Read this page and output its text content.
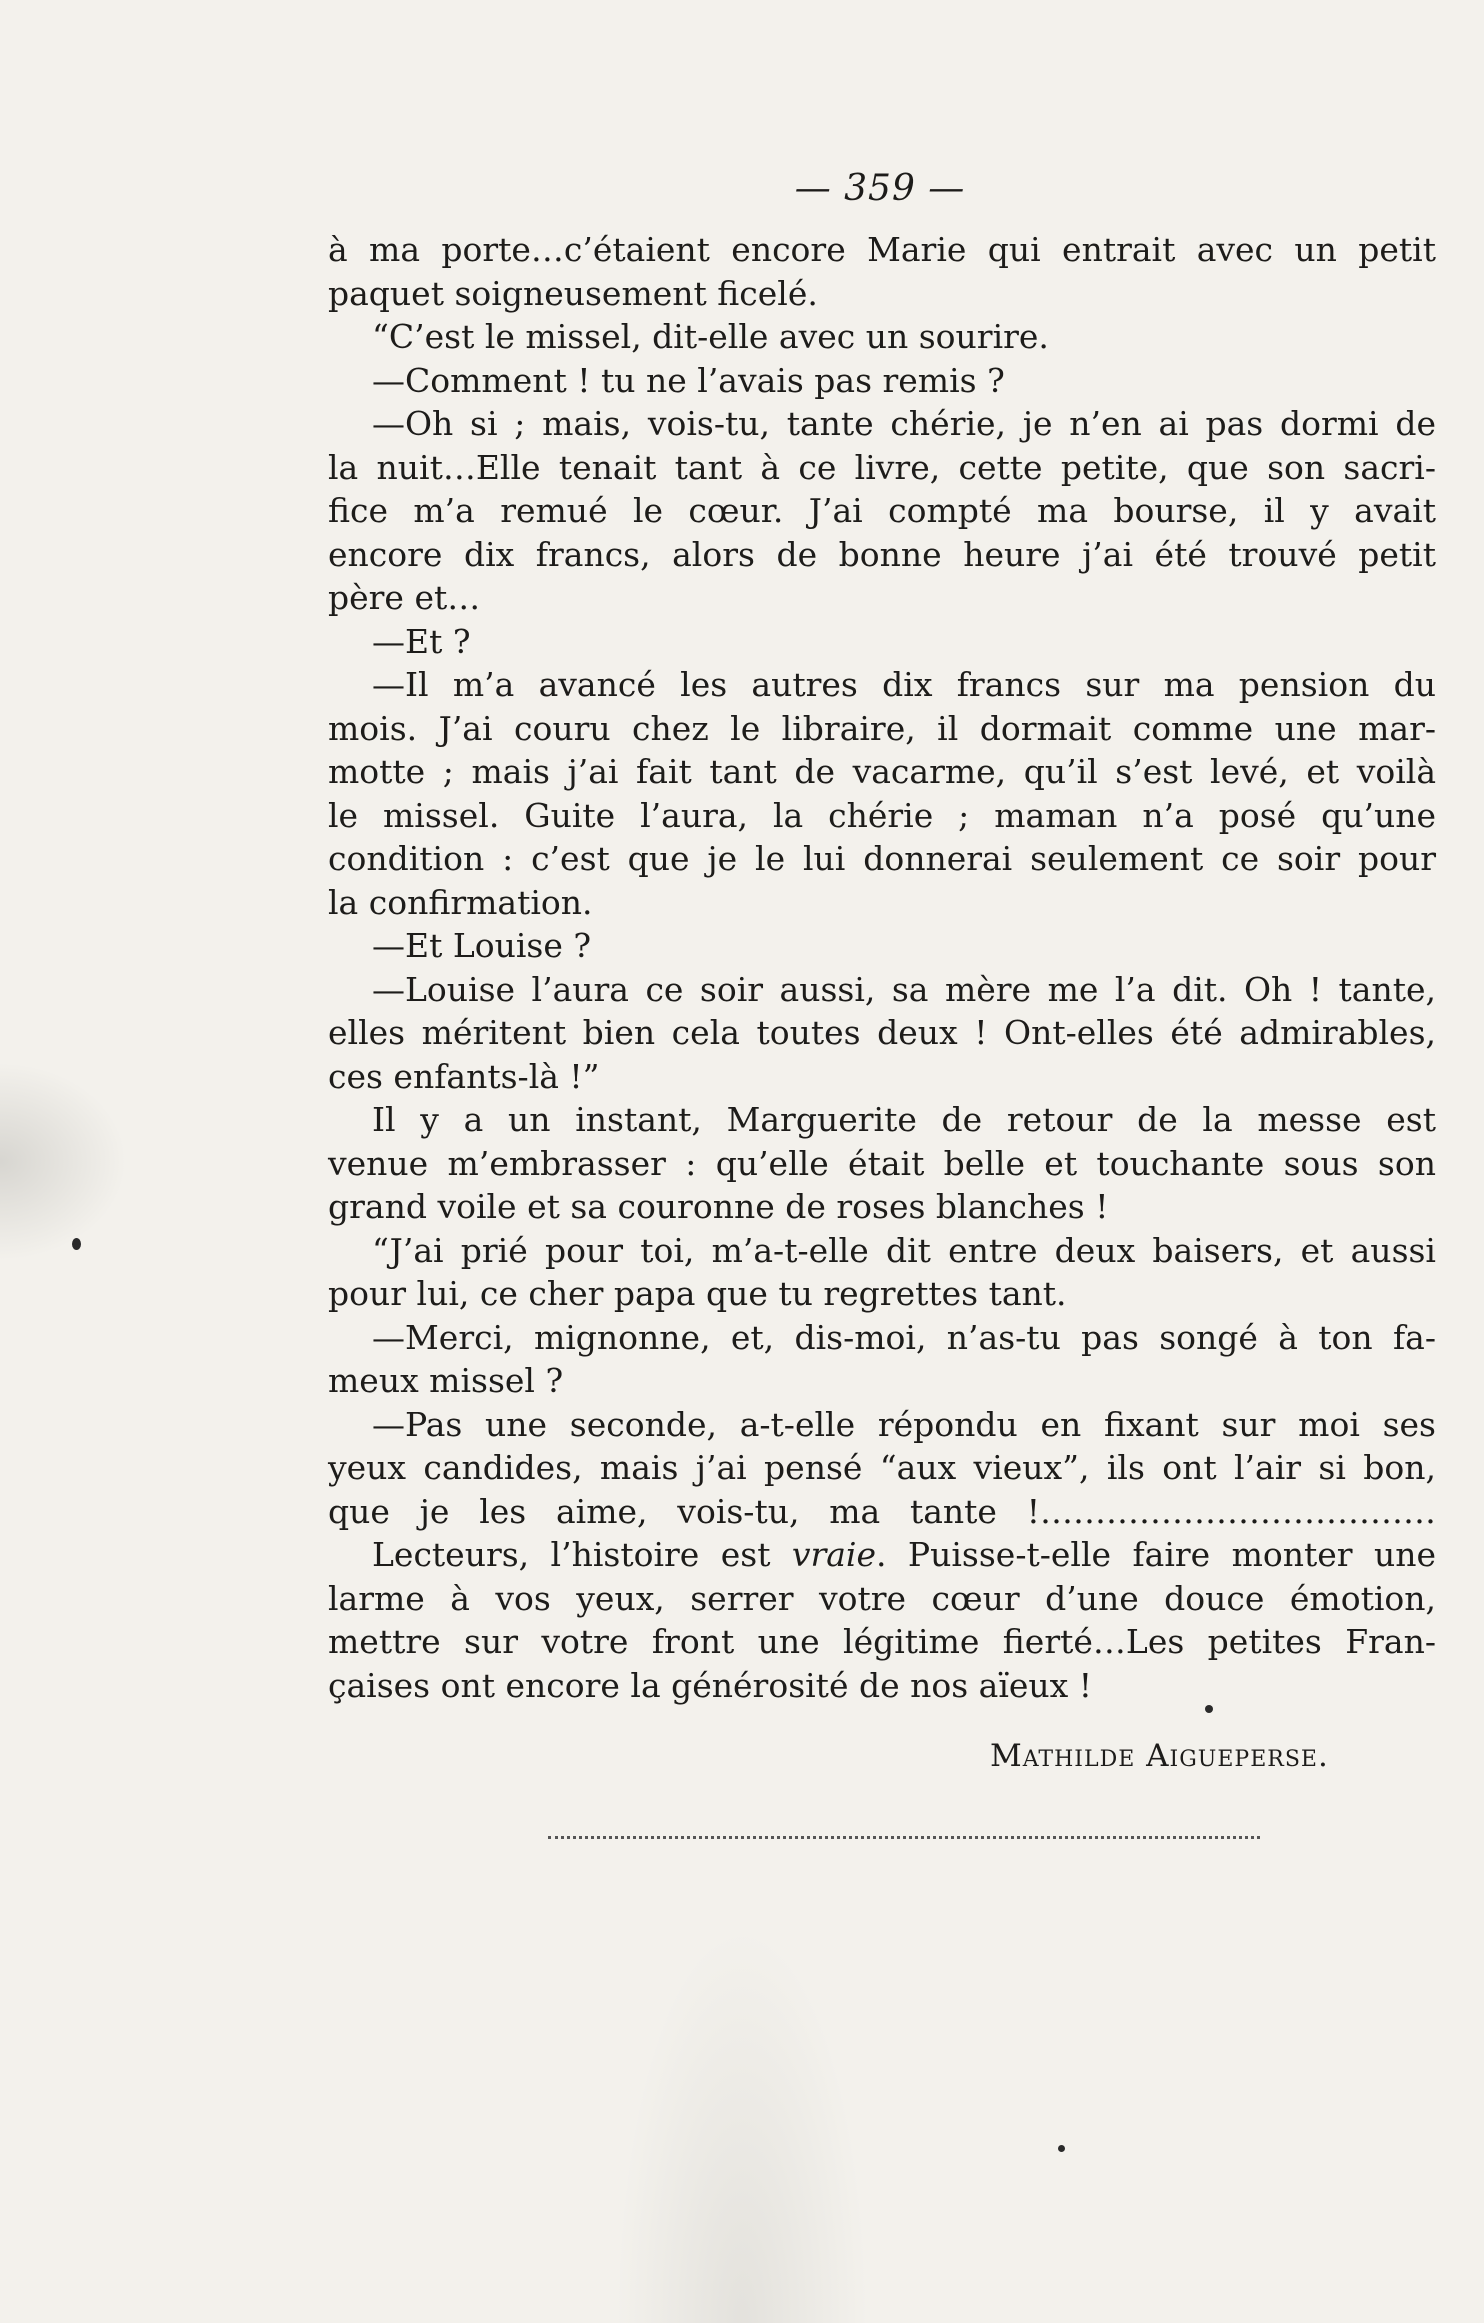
— 359 —
à ma porte…c’étaient encore Marie qui entrait avec un petit
paquet soigneusement ficelé.
“C’est le missel, dit-elle avec un sourire.
—Comment ! tu ne l’avais pas remis ?
—Oh si ; mais, vois-tu, tante chérie, je n’en ai pas dormi de
la nuit…Elle tenait tant à ce livre, cette petite, que son sacri-
fice m’a remué le cœur. J’ai compté ma bourse, il y avait
encore dix francs, alors de bonne heure j’ai été trouvé petit
père et…
—Et ?
—Il m’a avancé les autres dix francs sur ma pension du
mois. J’ai couru chez le libraire, il dormait comme une mar-
motte ; mais j’ai fait tant de vacarme, qu’il s’est levé, et voilà
le missel. Guite l’aura, la chérie ; maman n’a posé qu’une
condition : c’est que je le lui donnerai seulement ce soir pour
la confirmation.
—Et Louise ?
—Louise l’aura ce soir aussi, sa mère me l’a dit. Oh ! tante,
elles méritent bien cela toutes deux ! Ont-elles été admirables,
ces enfants-là !”
Il y a un instant, Marguerite de retour de la messe est
venue m’embrasser : qu’elle était belle et touchante sous son
grand voile et sa couronne de roses blanches !
“J’ai prié pour toi, m’a-t-elle dit entre deux baisers, et aussi
pour lui, ce cher papa que tu regrettes tant.
—Merci, mignonne, et, dis-moi, n’as-tu pas songé à ton fa-
meux missel ?
—Pas une seconde, a-t-elle répondu en fixant sur moi ses
yeux candides, mais j’ai pensé “aux vieux”, ils ont l’air si bon,
que je les aime, vois-tu, ma tante !………………………………
Lecteurs, l’histoire est vraie. Puisse-t-elle faire monter une
larme à vos yeux, serrer votre cœur d’une douce émotion,
mettre sur votre front une légitime fierté…Les petites Fran-
çaises ont encore la générosité de nos aïeux !
Mathilde Aigueperse.
